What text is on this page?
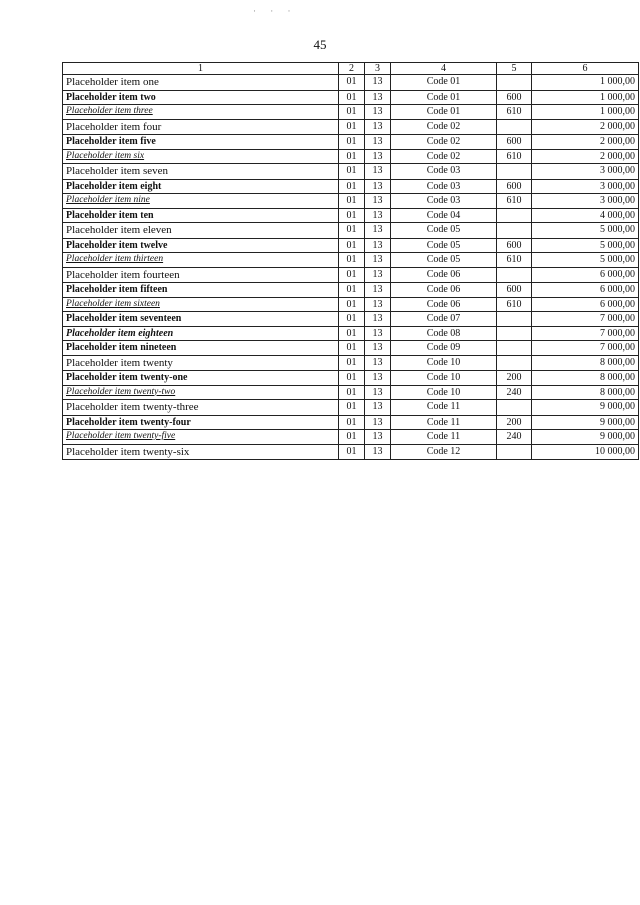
· · ·
45
1	2	3	4	5	6
Placeholder item one	01	13	Code 01		1 000,00
Placeholder item two	01	13	Code 01	600	1 000,00
Placeholder item three	01	13	Code 01	610	1 000,00
Placeholder item four	01	13	Code 02		2 000,00
Placeholder item five	01	13	Code 02	600	2 000,00
Placeholder item six	01	13	Code 02	610	2 000,00
Placeholder item seven	01	13	Code 03		3 000,00
Placeholder item eight	01	13	Code 03	600	3 000,00
Placeholder item nine	01	13	Code 03	610	3 000,00
Placeholder item ten	01	13	Code 04		4 000,00
Placeholder item eleven	01	13	Code 05		5 000,00
Placeholder item twelve	01	13	Code 05	600	5 000,00
Placeholder item thirteen	01	13	Code 05	610	5 000,00
Placeholder item fourteen	01	13	Code 06		6 000,00
Placeholder item fifteen	01	13	Code 06	600	6 000,00
Placeholder item sixteen	01	13	Code 06	610	6 000,00
Placeholder item seventeen	01	13	Code 07		7 000,00
Placeholder item eighteen	01	13	Code 08		7 000,00
Placeholder item nineteen	01	13	Code 09		7 000,00
Placeholder item twenty	01	13	Code 10		8 000,00
Placeholder item twenty-one	01	13	Code 10	200	8 000,00
Placeholder item twenty-two	01	13	Code 10	240	8 000,00
Placeholder item twenty-three	01	13	Code 11		9 000,00
Placeholder item twenty-four	01	13	Code 11	200	9 000,00
Placeholder item twenty-five	01	13	Code 11	240	9 000,00
Placeholder item twenty-six	01	13	Code 12		10 000,00
